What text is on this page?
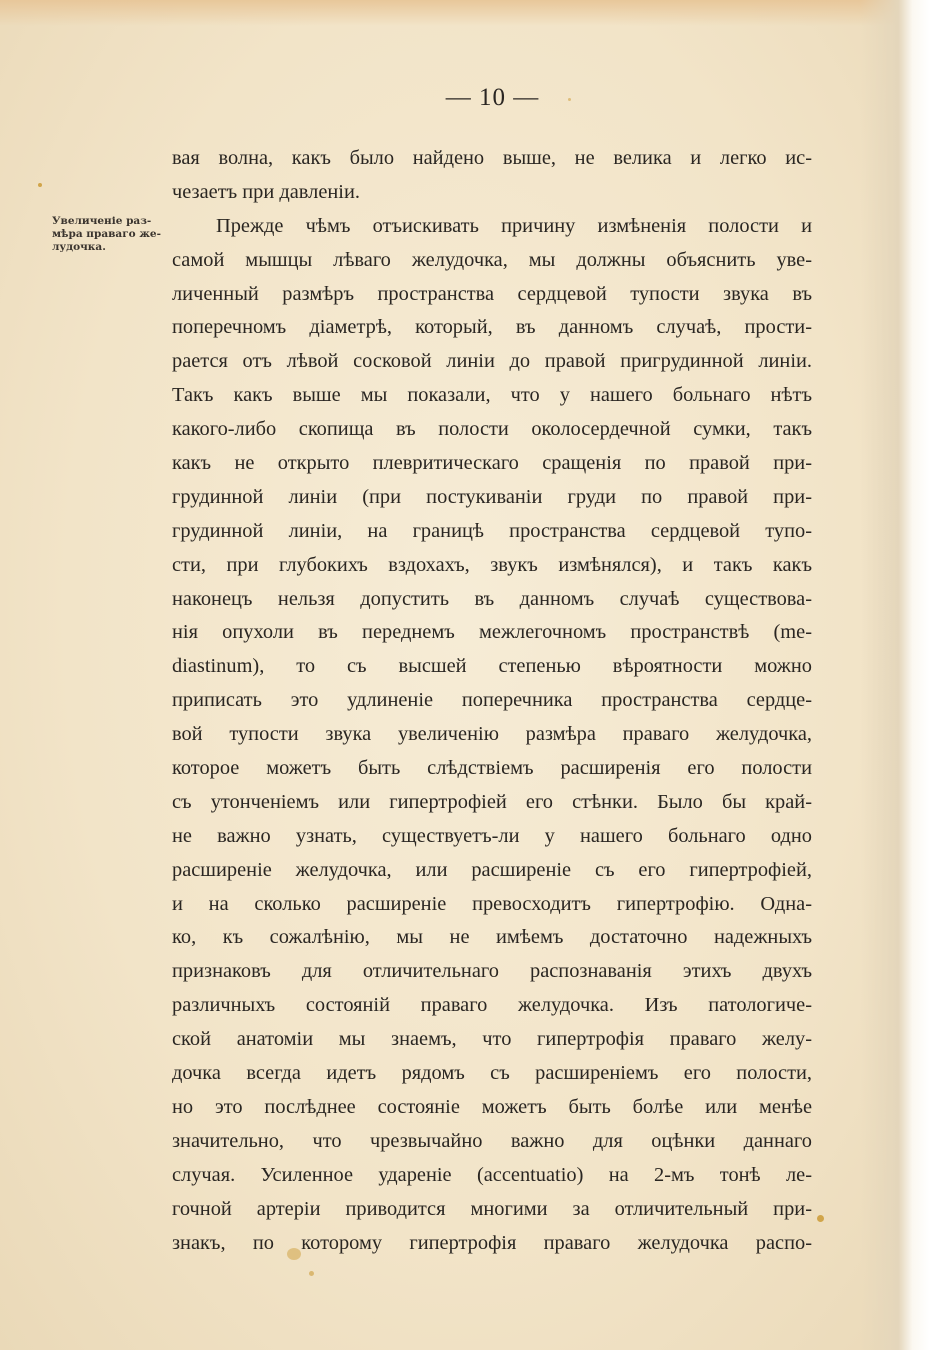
— 10 —
Увеличеніе раз-
мѣра праваго же-
лудочка.
вая волна, какъ было найдено выше, не велика и легко ис-
чезаетъ при давленіи.
Прежде чѣмъ отъискивать причину измѣненія полости и
самой мышцы лѣваго желудочка, мы должны объяснить уве-
личенный размѣръ пространства сердцевой тупости звука въ
поперечномъ діаметрѣ, который, въ данномъ случаѣ, прости-
рается отъ лѣвой сосковой линіи до правой пригрудинной линіи.
Такъ какъ выше мы показали, что у нашего больнаго нѣтъ
какого-либо скопища въ полости околосердечной сумки, такъ
какъ не открыто плевритическаго сращенія по правой при-
грудинной линіи (при постукиваніи груди по правой при-
грудинной линіи, на границѣ пространства сердцевой тупо-
сти, при глубокихъ вздохахъ, звукъ измѣнялся), и такъ какъ
наконецъ нельзя допустить въ данномъ случаѣ существова-
нія опухоли въ переднемъ межлегочномъ пространствѣ (me-
diastinum), то съ высшей степенью вѣроятности можно
приписать это удлиненіе поперечника пространства сердце-
вой тупости звука увеличенію размѣра праваго желудочка,
которое можетъ быть слѣдствіемъ расширенія его полости
съ утонченіемъ или гипертрофіей его стѣнки. Было бы край-
не важно узнать, существуетъ-ли у нашего больнаго одно
расширеніе желудочка, или расширеніе съ его гипертрофіей,
и на сколько расширеніе превосходитъ гипертрофію. Одна-
ко, къ сожалѣнію, мы не имѣемъ достаточно надежныхъ
признаковъ для отличительнаго распознаванія этихъ двухъ
различныхъ состояній праваго желудочка. Изъ патологиче-
ской анатоміи мы знаемъ, что гипертрофія праваго желу-
дочка всегда идетъ рядомъ съ расширеніемъ его полости,
но это послѣднее состояніе можетъ быть болѣе или менѣе
значительно, что чрезвычайно важно для оцѣнки даннаго
случая. Усиленное удареніе (accentuatio) на 2-мъ тонѣ ле-
гочной артеріи приводится многими за отличительный при-
знакъ, по которому гипертрофія праваго желудочка распо-
